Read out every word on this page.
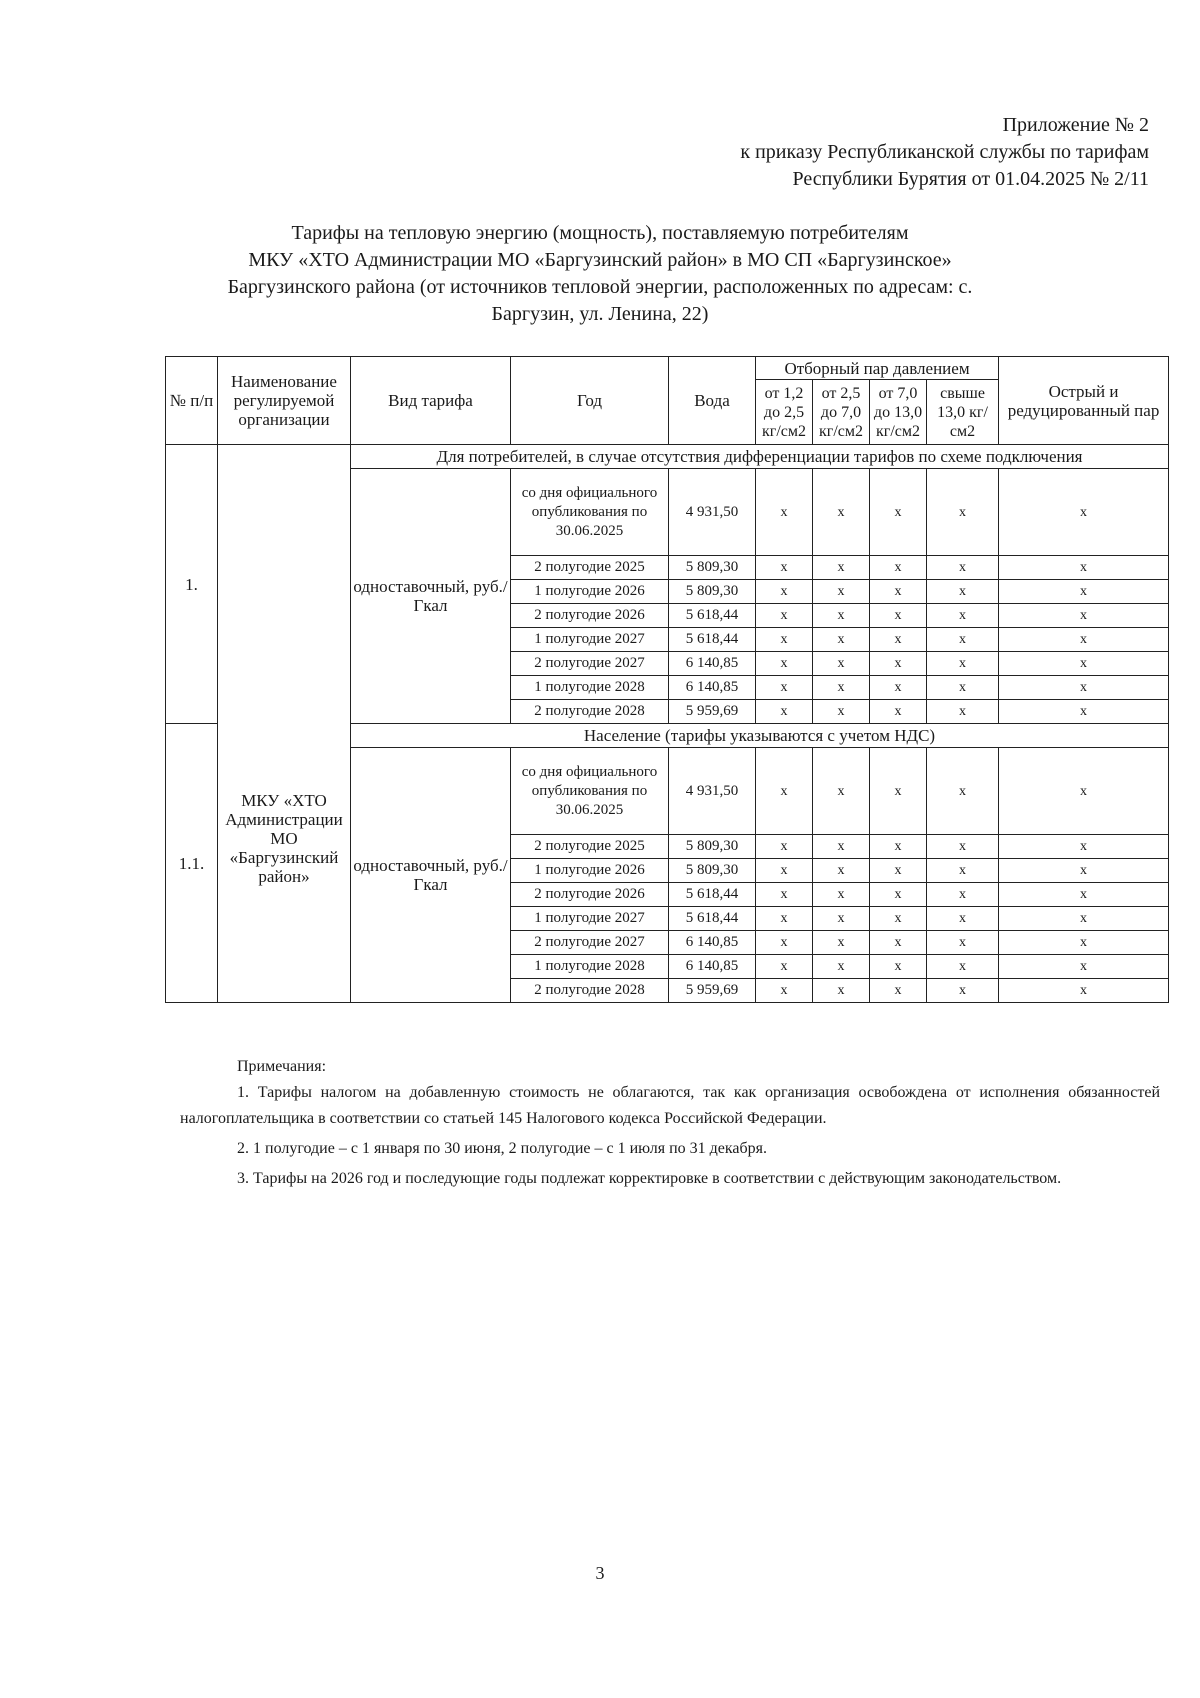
Приложение № 2
к приказу Республиканской службы по тарифам
Республики Бурятия от 01.04.2025 № 2/11
Тарифы на тепловую энергию (мощность), поставляемую потребителям
МКУ «ХТО Администрации МО «Баргузинский район» в МО СП «Баргузинское»
Баргузинского района (от источников тепловой энергии, расположенных по адресам: с.
Баргузин, ул. Ленина, 22)
№ п/п	Наименование регулируемой организации	Вид тарифа	Год	Вода	Отборный пар давлением				Острый и редуцированный пар
					от 1,2 до 2,5 кг/см2	от 2,5 до 7,0 кг/см2	от 7,0 до 13,0 кг/см2	свыше 13,0 кг/см2	
1.	МКУ «ХТО Администрации МО «Баргузинский район»	Для потребителей, в случае отсутствия дифференциации тарифов по схеме подключения							
		одноставочный, руб./Гкал	со дня официального опубликования по 30.06.2025	4 931,50	x	x	x	x	x
			2 полугодие 2025	5 809,30	x	x	x	x	x
			1 полугодие 2026	5 809,30	x	x	x	x	x
			2 полугодие 2026	5 618,44	x	x	x	x	x
			1 полугодие 2027	5 618,44	x	x	x	x	x
			2 полугодие 2027	6 140,85	x	x	x	x	x
			1 полугодие 2028	6 140,85	x	x	x	x	x
			2 полугодие 2028	5 959,69	x	x	x	x	x
1.1.		Население (тарифы указываются с учетом НДС)							
		одноставочный, руб./Гкал	со дня официального опубликования по 30.06.2025	4 931,50	x	x	x	x	x
			2 полугодие 2025	5 809,30	x	x	x	x	x
			1 полугодие 2026	5 809,30	x	x	x	x	x
			2 полугодие 2026	5 618,44	x	x	x	x	x
			1 полугодие 2027	5 618,44	x	x	x	x	x
			2 полугодие 2027	6 140,85	x	x	x	x	x
			1 полугодие 2028	6 140,85	x	x	x	x	x
			2 полугодие 2028	5 959,69	x	x	x	x	x
Примечания:

1. Тарифы налогом на добавленную стоимость не облагаются, так как организация освобождена от исполнения обязанностей налогоплательщика в соответствии со статьей 145 Налогового кодекса Российской Федерации.

2. 1 полугодие – с 1 января по 30 июня, 2 полугодие – с 1 июля по 31 декабря.

3. Тарифы на 2026 год и последующие годы подлежат корректировке в соответствии с действующим законодательством.

3
